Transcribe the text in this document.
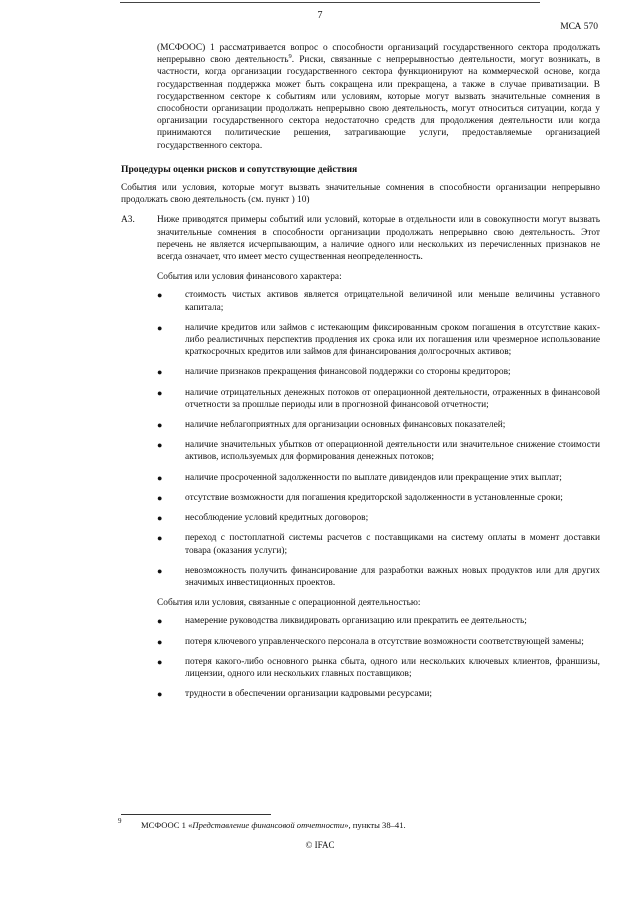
7
МСА 570

(МСФООС) 1 рассматривается вопрос о способности организаций государственного сектора продолжать непрерывно свою деятельность$^9$. Риски, связанные с непрерывностью деятельности, могут возникать, в частности, когда организации государственного сектора функционируют на коммерческой основе, когда государственная поддержка может быть сокращена или прекращена, а также в случае приватизации. В государственном секторе к событиям или условиям, которые могут вызвать значительные сомнения в способности организации продолжать непрерывно свою деятельность, могут относиться ситуации, когда у организации государственного сектора недостаточно средств для продолжения деятельности или когда принимаются политические решения, затрагивающие услуги, предоставляемые организацией государственного сектора.

Процедуры оценки рисков и сопутствующие действия

События или условия, которые могут вызвать значительные сомнения в способности организации непрерывно продолжать свою деятельность (см. пункт ) 10)

A3. Ниже приводятся примеры событий или условий, которые в отдельности или в совокупности могут вызвать значительные сомнения в способности организации продолжать непрерывно свою деятельность. Этот перечень не является исчерпывающим, а наличие одного или нескольких из перечисленных признаков не всегда означает, что имеет место существенная неопределенность.

События или условия финансового характера:
● стоимость чистых активов является отрицательной величиной или меньше величины уставного капитала;
● наличие кредитов или займов с истекающим фиксированным сроком погашения в отсутствие каких-либо реалистичных перспектив продления их срока или их погашения или чрезмерное использование краткосрочных кредитов или займов для финансирования долгосрочных активов;
● наличие признаков прекращения финансовой поддержки со стороны кредиторов;
● наличие отрицательных денежных потоков от операционной деятельности, отраженных в финансовой отчетности за прошлые периоды или в прогнозной финансовой отчетности;
● наличие неблагоприятных для организации основных финансовых показателей;
● наличие значительных убытков от операционной деятельности или значительное снижение стоимости активов, используемых для формирования денежных потоков;
● наличие просроченной задолженности по выплате дивидендов или прекращение этих выплат;
● отсутствие возможности для погашения кредиторской задолженности в установленные сроки;
● несоблюдение условий кредитных договоров;
● переход с постоплатной системы расчетов с поставщиками на систему оплаты в момент доставки товара (оказания услуги);
● невозможность получить финансирование для разработки важных новых продуктов или для других значимых инвестиционных проектов.
События или условия, связанные с операционной деятельностью:
● намерение руководства ликвидировать организацию или прекратить ее деятельность;
● потеря ключевого управленческого персонала в отсутствие возможности соответствующей замены;
● потеря какого-либо основного рынка сбыта, одного или нескольких ключевых клиентов, франшизы, лицензии, одного или нескольких главных поставщиков;
● трудности в обеспечении организации кадровыми ресурсами;
9 МСФООС 1 «Представление финансовой отчетности», пункты 38–41.
© IFAC
